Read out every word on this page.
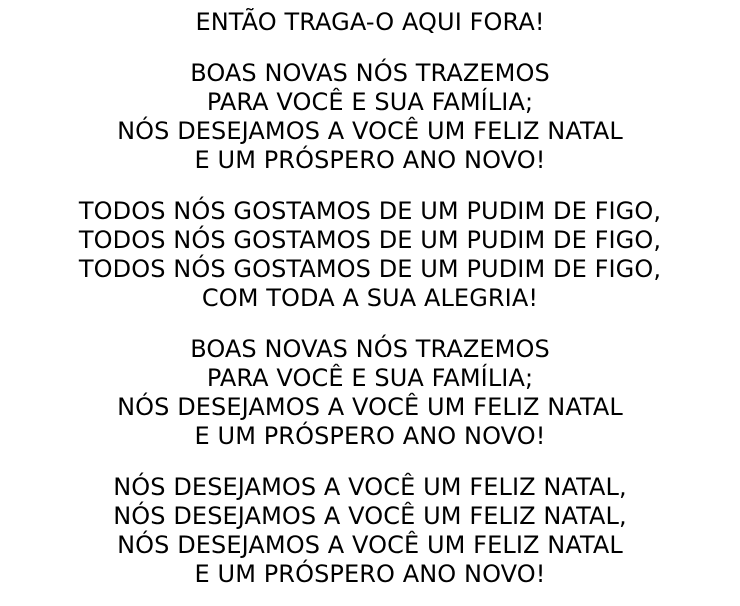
ENTÃO TRAGA-O AQUI FORA!
BOAS NOVAS NÓS TRAZEMOS
PARA VOCÊ E SUA FAMÍLIA;
NÓS DESEJAMOS A VOCÊ UM FELIZ NATAL
E UM PRÓSPERO ANO NOVO!
TODOS NÓS GOSTAMOS DE UM PUDIM DE FIGO,
TODOS NÓS GOSTAMOS DE UM PUDIM DE FIGO,
TODOS NÓS GOSTAMOS DE UM PUDIM DE FIGO,
COM TODA A SUA ALEGRIA!
BOAS NOVAS NÓS TRAZEMOS
PARA VOCÊ E SUA FAMÍLIA;
NÓS DESEJAMOS A VOCÊ UM FELIZ NATAL
E UM PRÓSPERO ANO NOVO!
NÓS DESEJAMOS A VOCÊ UM FELIZ NATAL,
NÓS DESEJAMOS A VOCÊ UM FELIZ NATAL,
NÓS DESEJAMOS A VOCÊ UM FELIZ NATAL
E UM PRÓSPERO ANO NOVO!
